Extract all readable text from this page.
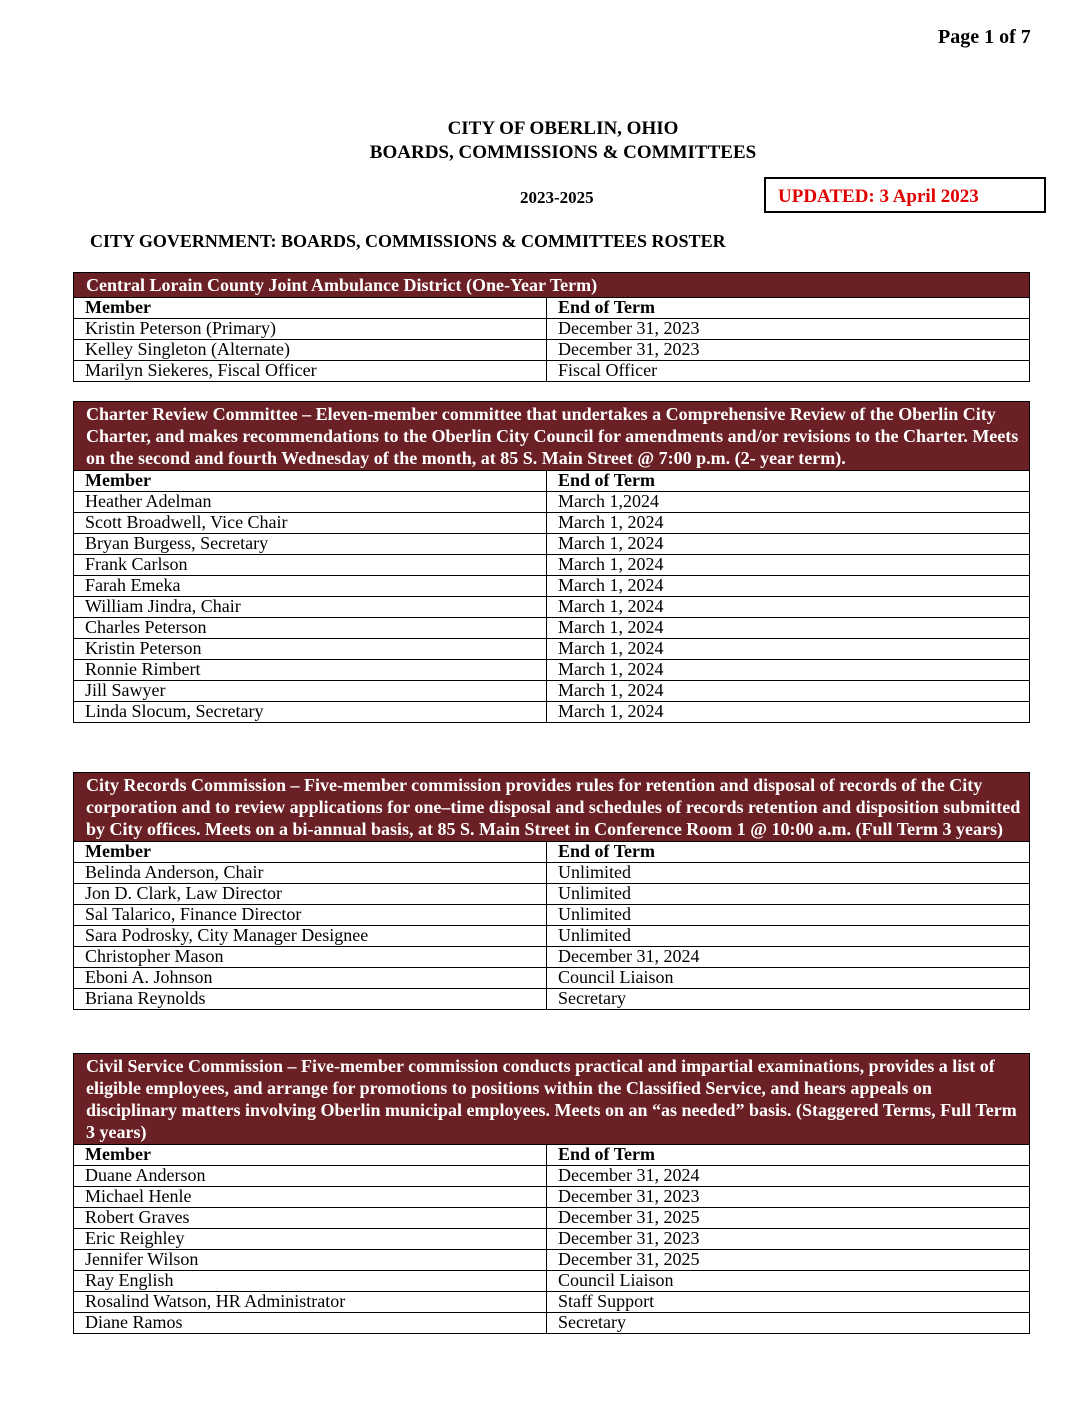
Page 1 of 7
CITY OF OBERLIN, OHIO
BOARDS, COMMISSIONS & COMMITTEES
2023-2025	UPDATED: 3 April 2023
CITY GOVERNMENT: BOARDS, COMMISSIONS & COMMITTEES ROSTER
Central Lorain County Joint Ambulance District (One-Year Term)	
Member	End of Term
Kristin Peterson (Primary)	December 31, 2023
Kelley Singleton (Alternate)	December 31, 2023
Marilyn Siekeres, Fiscal Officer	Fiscal Officer
Charter Review Committee – Eleven-member committee that undertakes a Comprehensive Review of the Oberlin City Charter, and makes recommendations to the Oberlin City Council for amendments and/or revisions to the Charter. Meets on the second and fourth Wednesday of the month, at 85 S. Main Street @ 7:00 p.m. (2- year term).	
Member	End of Term
Heather Adelman	March 1,2024
Scott Broadwell, Vice Chair	March 1, 2024
Bryan Burgess, Secretary	March 1, 2024
Frank Carlson	March 1, 2024
Farah Emeka	March 1, 2024
William Jindra, Chair	March 1, 2024
Charles Peterson	March 1, 2024
Kristin Peterson	March 1, 2024
Ronnie Rimbert	March 1, 2024
Jill Sawyer	March 1, 2024
Linda Slocum, Secretary	March 1, 2024
City Records Commission – Five-member commission provides rules for retention and disposal of records of the City corporation and to review applications for one–time disposal and schedules of records retention and disposition submitted by City offices. Meets on a bi-annual basis, at 85 S. Main Street in Conference Room 1 @ 10:00 a.m. (Full Term 3 years)	
Member	End of Term
Belinda Anderson, Chair	Unlimited
Jon D. Clark, Law Director	Unlimited
Sal Talarico, Finance Director	Unlimited
Sara Podrosky, City Manager Designee	Unlimited
Christopher Mason	December 31, 2024
Eboni A. Johnson	Council Liaison
Briana Reynolds	Secretary
Civil Service Commission – Five-member commission conducts practical and impartial examinations, provides a list of eligible employees, and arrange for promotions to positions within the Classified Service, and hears appeals on disciplinary matters involving Oberlin municipal employees. Meets on an “as needed” basis. (Staggered Terms, Full Term 3 years)	
Member	End of Term
Duane Anderson	December 31, 2024
Michael Henle	December 31, 2023
Robert Graves	December 31, 2025
Eric Reighley	December 31, 2023
Jennifer Wilson	December 31, 2025
Ray English	Council Liaison
Rosalind Watson, HR Administrator	Staff Support
Diane Ramos	Secretary
